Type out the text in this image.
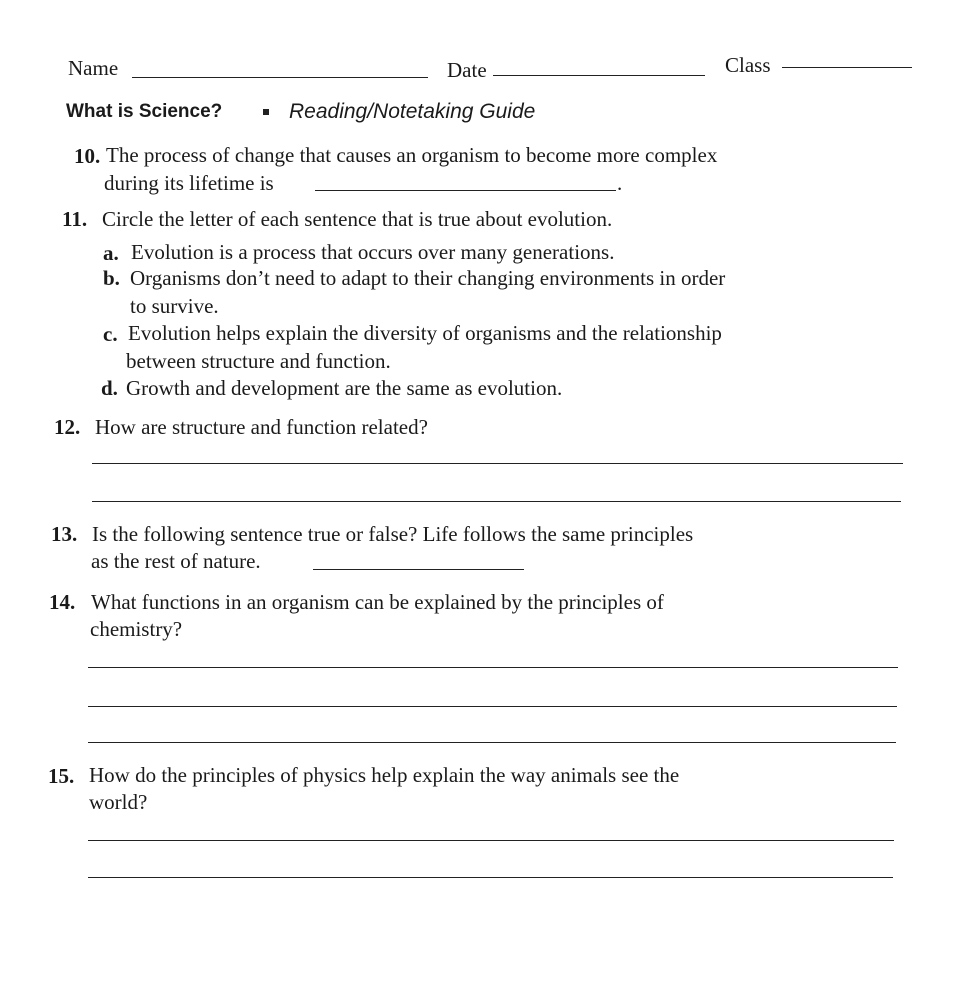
Name	Date	Class
What is Science?	Reading/Notetaking Guide
10. The process of change that causes an organism to become more complex
during its lifetime is	.
11. Circle the letter of each sentence that is true about evolution.
a. Evolution is a process that occurs over many generations.
b. Organisms don’t need to adapt to their changing environments in order
to survive.
c. Evolution helps explain the diversity of organisms and the relationship
between structure and function.
d. Growth and development are the same as evolution.
12. How are structure and function related?
13. Is the following sentence true or false? Life follows the same principles
as the rest of nature.
14. What functions in an organism can be explained by the principles of
chemistry?
15. How do the principles of physics help explain the way animals see the
world?
